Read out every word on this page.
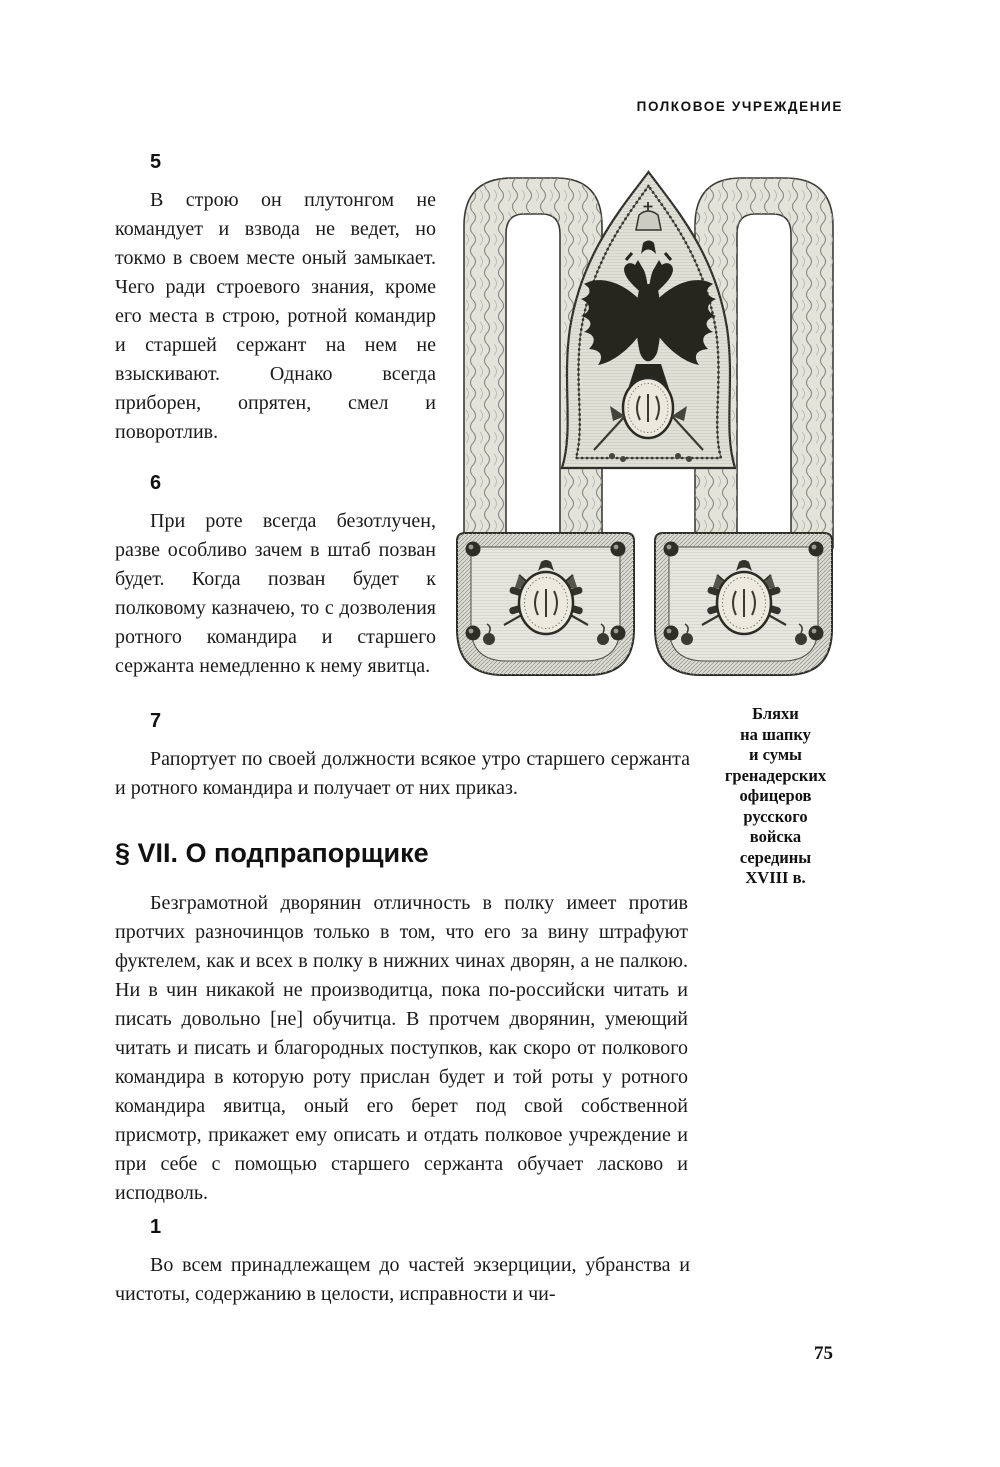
ПОЛКОВОЕ УЧРЕЖДЕНИЕ
5

В строю он плутонгом не командует и взвода не ведет, но токмо в своем месте оный замыкает. Чего ради строевого знания, кроме его места в строю, ротной командир и старшей сержант на нем не взыскивают. Однако всегда приборен, опрятен, смел и поворотлив.

6

При роте всегда безотлучен, разве особливо зачем в штаб позван будет. Когда позван будет к полковому казначею, то с дозволения ротного командира и старшего сержанта немедленно к нему явитца.

7

Рапортует по своей должности всякое утро старшего сержанта и ротного командира и получает от них приказ.

Бляхи
на шапку
и сумы
гренадерских
офицеров
русского
войска
середины
XVIII в.
§ VII. О подпрапорщике

Безграмотной дворянин отличность в полку имеет против протчих разночинцов только в том, что его за вину штрафуют фуктелем, как и всех в полку в нижних чинах дворян, а не палкою. Ни в чин никакой не производитца, пока по-российски читать и писать довольно [не] обучитца. В протчем дворянин, умеющий читать и писать и благородных поступков, как скоро от полкового командира в которую роту прислан будет и той роты у ротного командира явитца, оный его берет под свой собственной присмотр, прикажет ему описать и отдать полковое учреждение и при себе с помощью старшего сержанта обучает ласково и исподволь.

1

Во всем принадлежащем до частей экзерциции, убранства и чистоты, содержанию в целости, исправности и чи-

75
